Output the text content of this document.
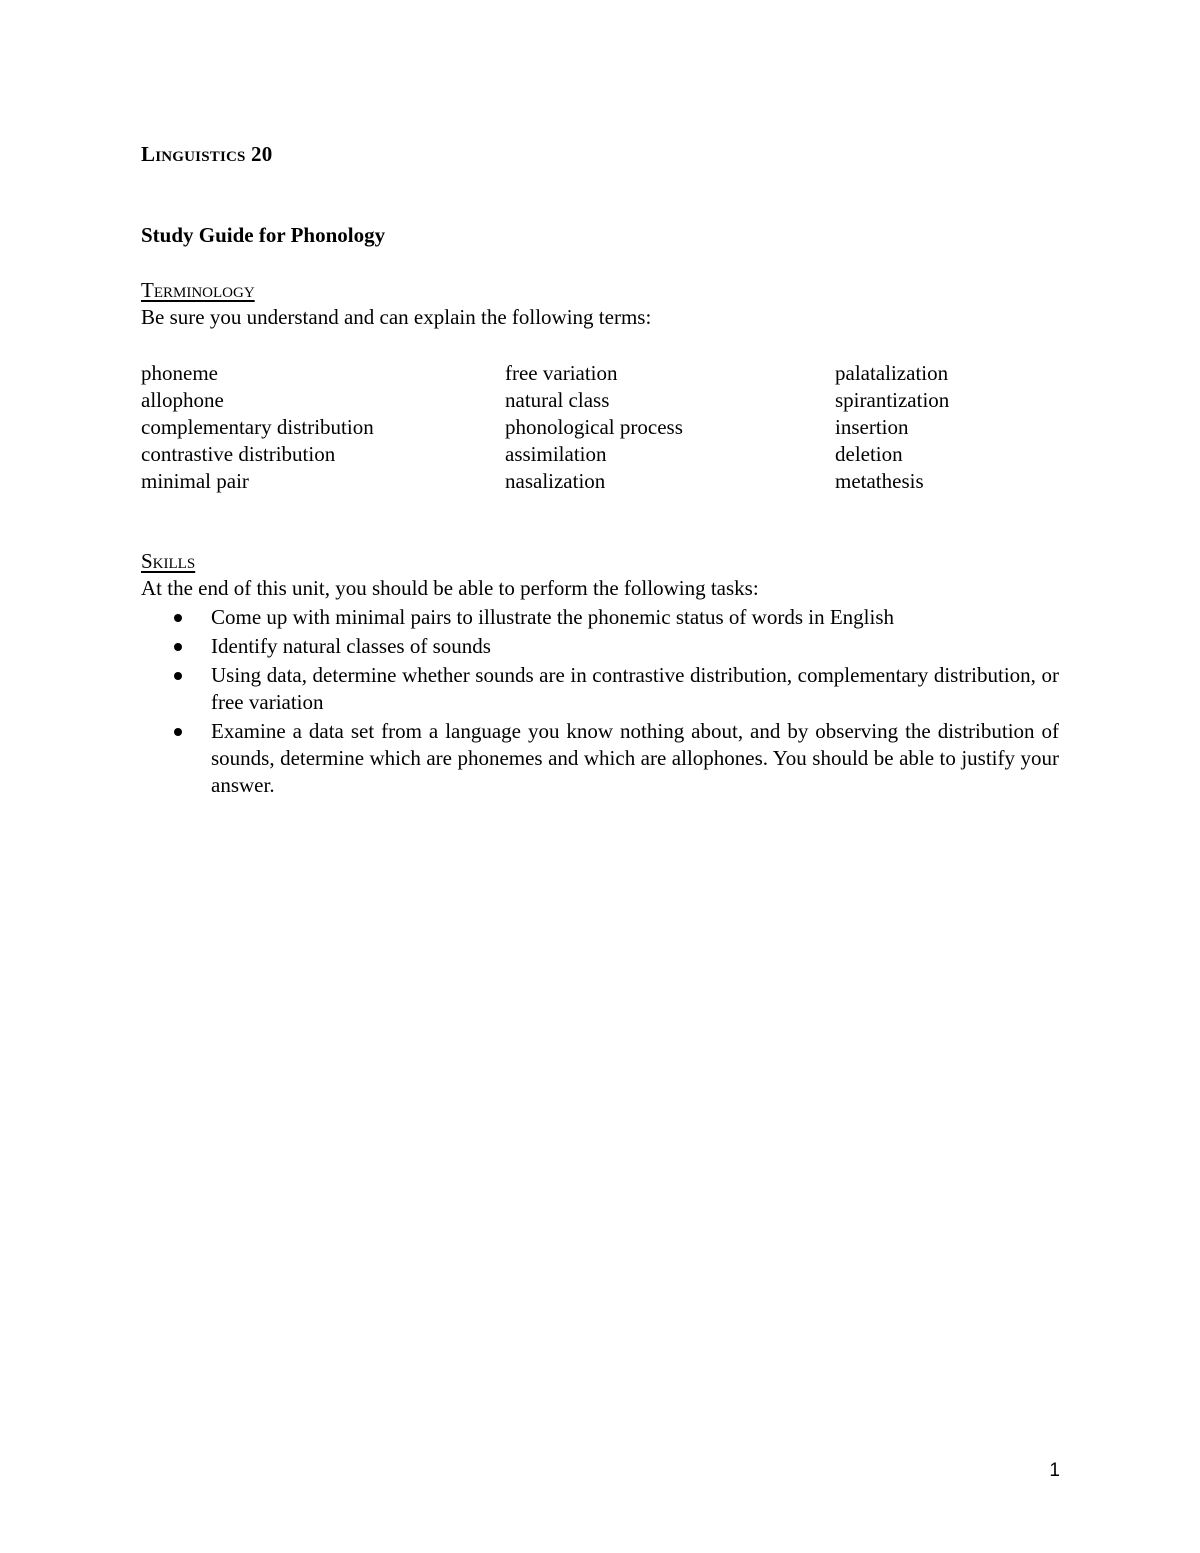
Linguistics 20
Study Guide for Phonology
Terminology
Be sure you understand and can explain the following terms:
phoneme
allophone
complementary distribution
contrastive distribution
minimal pair
free variation
natural class
phonological process
assimilation
nasalization
palatalization
spirantization
insertion
deletion
metathesis
Skills
At the end of this unit, you should be able to perform the following tasks:
Come up with minimal pairs to illustrate the phonemic status of words in English
Identify natural classes of sounds
Using data, determine whether sounds are in contrastive distribution, complementary distribution, or free variation
Examine a data set from a language you know nothing about, and by observing the distribution of sounds, determine which are phonemes and which are allophones. You should be able to justify your answer.
1
